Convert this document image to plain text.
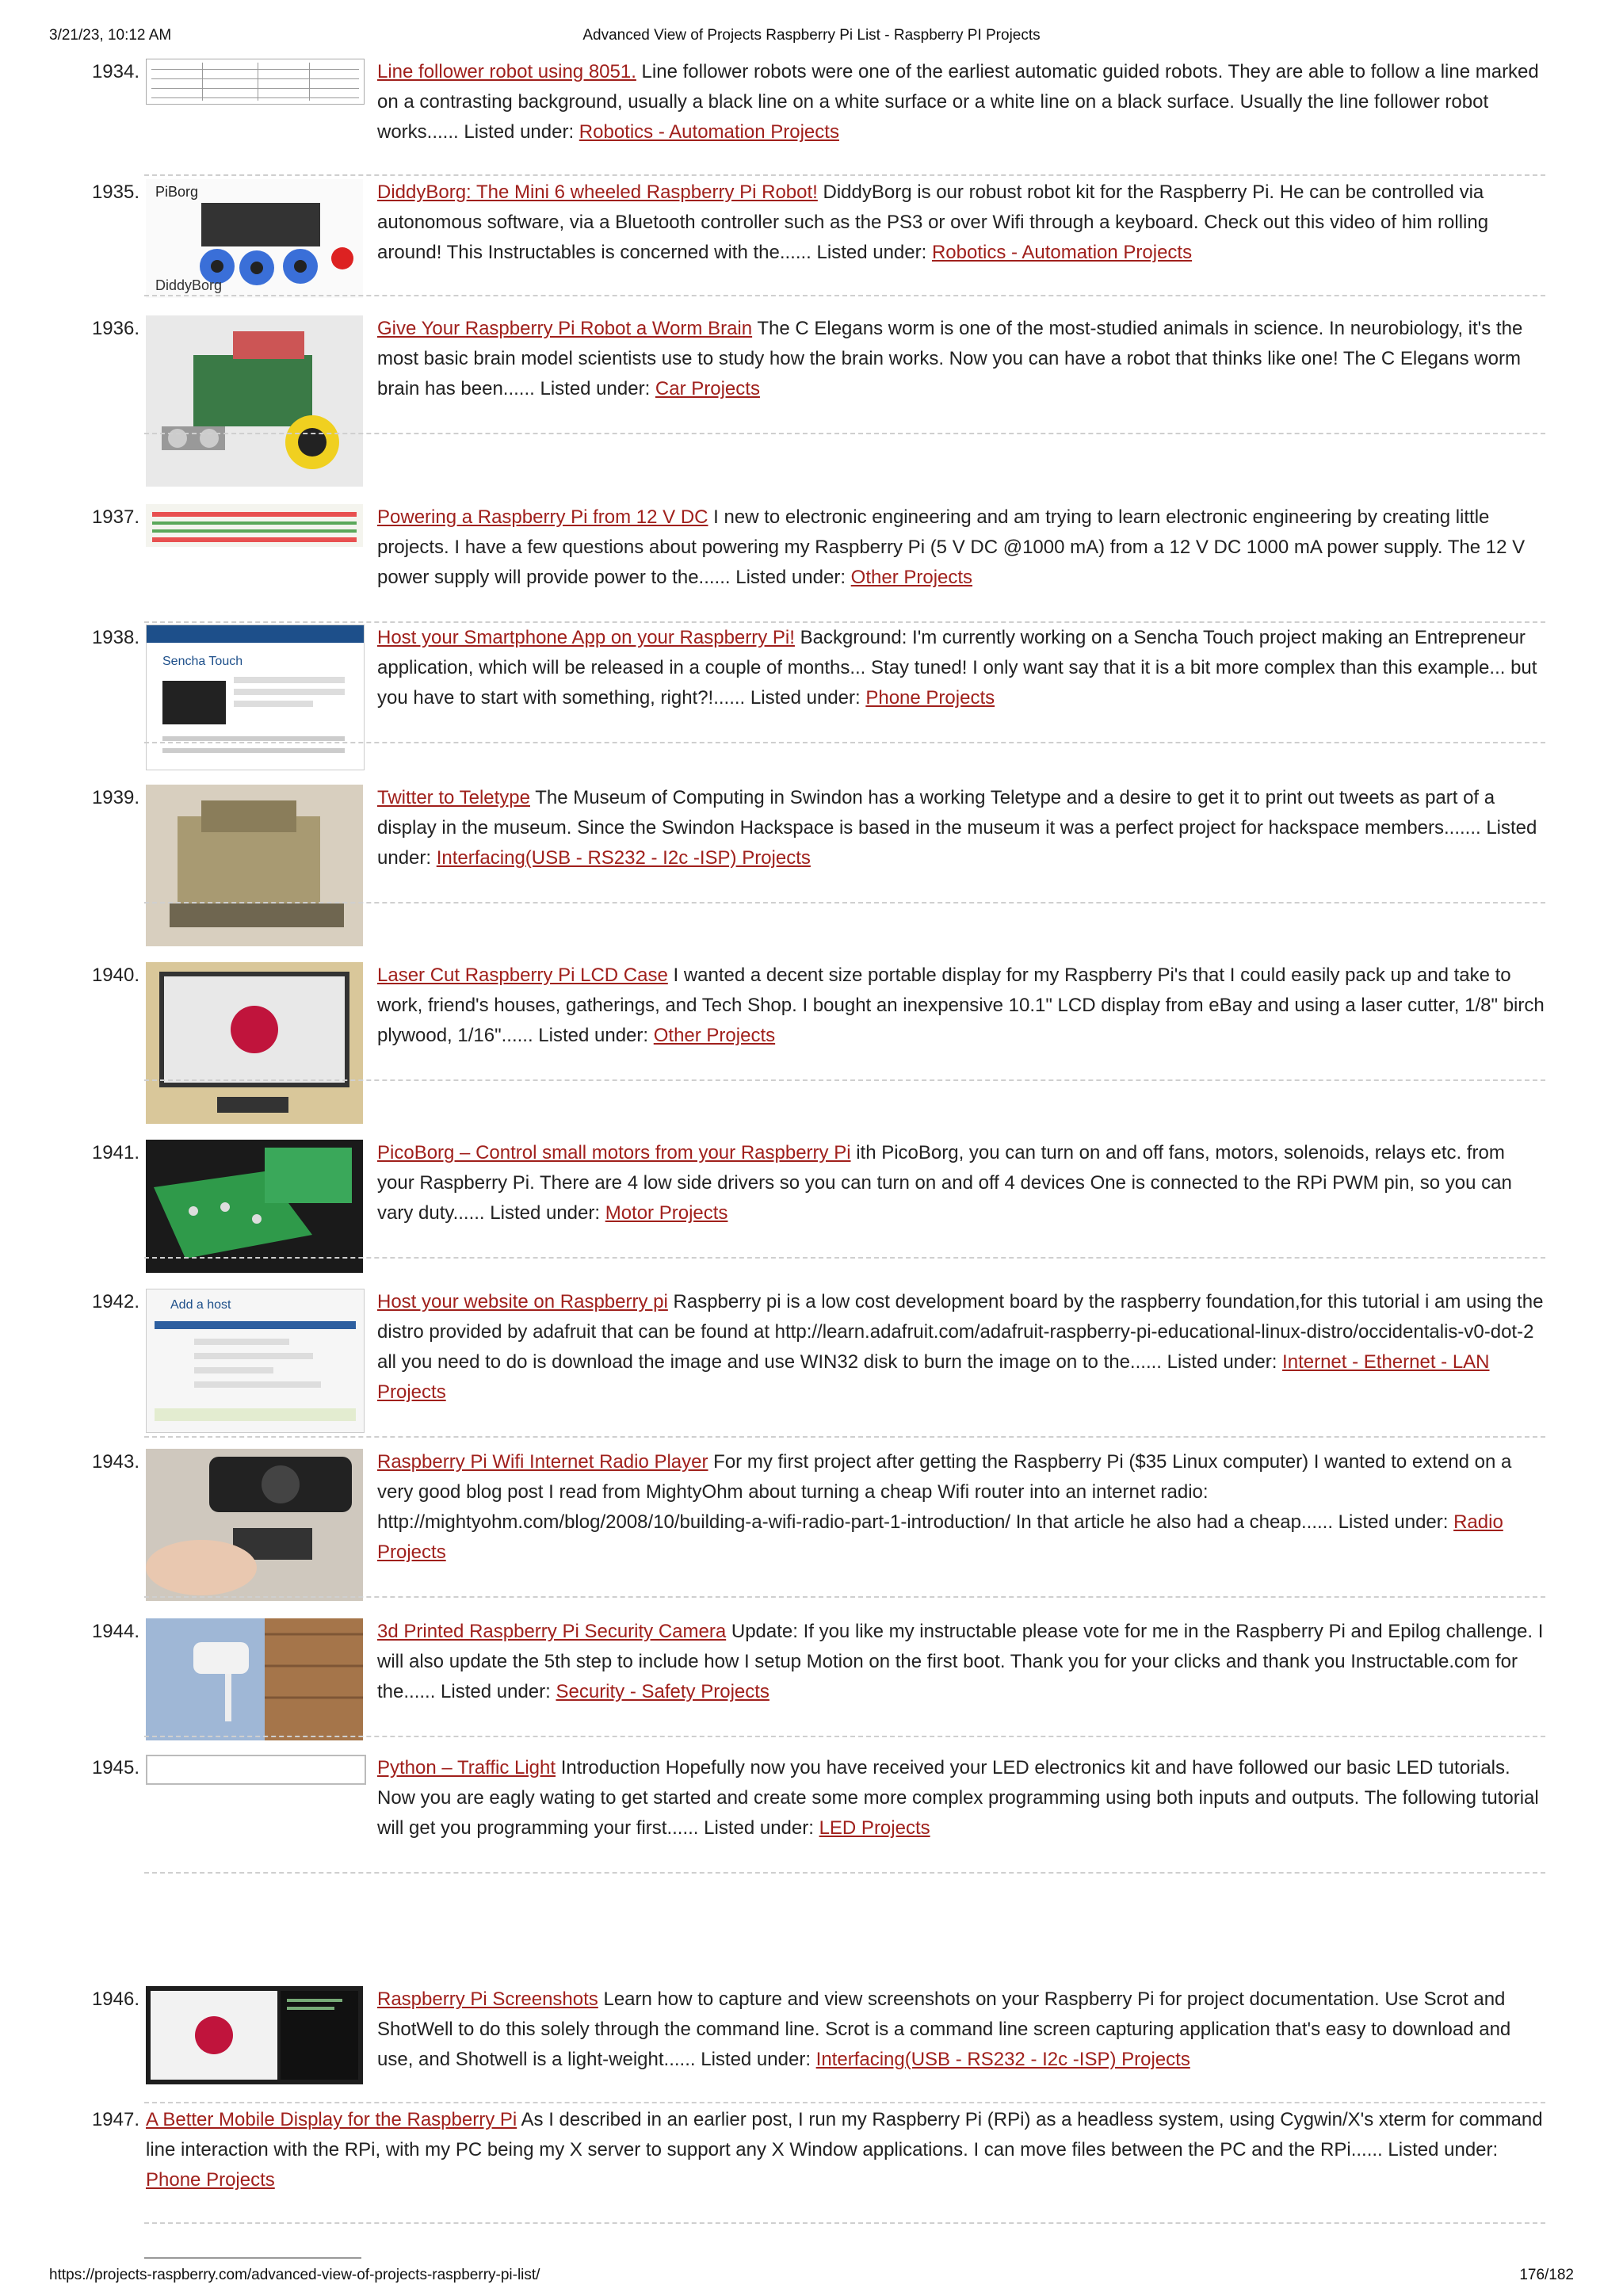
3/21/23, 10:12 AM	Advanced View of Projects Raspberry Pi List - Raspberry PI Projects
1934.	Line follower robot using 8051. Line follower robots were one of the earliest automatic guided robots. They are able to follow a line marked on a contrasting background, usually a black line on a white surface or a white line on a black surface. Usually the line follower robot works...... Listed under: Robotics - Automation Projects
1935. PiBorg
DiddyBorg
DiddyBorg: The Mini 6 wheeled Raspberry Pi Robot! DiddyBorg is our robust robot kit for the Raspberry Pi. He can be controlled via autonomous software, via a Bluetooth controller such as the PS3 or over Wifi through a keyboard. Check out this video of him rolling around! This Instructables is concerned with the...... Listed under: Robotics - Automation Projects
1936.	Give Your Raspberry Pi Robot a Worm Brain The C Elegans worm is one of the most-studied animals in science. In neurobiology, it's the most basic brain model scientists use to study how the brain works. Now you can have a robot that thinks like one! The C Elegans worm brain has been...... Listed under: Car Projects
1937.	Powering a Raspberry Pi from 12 V DC I new to electronic engineering and am trying to learn electronic engineering by creating little projects. I have a few questions about powering my Raspberry Pi (5 V DC @1000 mA) from a 12 V DC 1000 mA power supply. The 12 V power supply will provide power to the...... Listed under: Other Projects
1938.
Sencha Touch
Host your Smartphone App on your Raspberry Pi! Background: I'm currently working on a Sencha Touch project making an Entrepreneur application, which will be released in a couple of months... Stay tuned! I only want say that it is a bit more complex than this example... but you have to start with something, right?!...... Listed under: Phone Projects
1939.	Twitter to Teletype The Museum of Computing in Swindon has a working Teletype and a desire to get it to print out tweets as part of a display in the museum. Since the Swindon Hackspace is based in the museum it was a perfect project for hackspace members....... Listed under: Interfacing(USB - RS232 - I2c -ISP) Projects
1940.	Laser Cut Raspberry Pi LCD Case I wanted a decent size portable display for my Raspberry Pi's that I could easily pack up and take to work, friend's houses, gatherings, and Tech Shop. I bought an inexpensive 10.1" LCD display from eBay and using a laser cutter, 1/8" birch plywood, 1/16"...... Listed under: Other Projects
1941.	PicoBorg – Control small motors from your Raspberry Pi ith PicoBorg, you can turn on and off fans, motors, solenoids, relays etc. from your Raspberry Pi. There are 4 low side drivers so you can turn on and off 4 devices One is connected to the RPi PWM pin, so you can vary duty...... Listed under: Motor Projects
1942. Add a host	Host your website on Raspberry pi Raspberry pi is a low cost development board by the raspberry foundation,for this tutorial i am using the distro provided by adafruit that can be found at http://learn.adafruit.com/adafruit-raspberry-pi-educational-linux-distro/occidentalis-v0-dot-2 all you need to do is download the image and use WIN32 disk to burn the image on to the...... Listed under: Internet - Ethernet - LAN Projects
1943.	Raspberry Pi Wifi Internet Radio Player For my first project after getting the Raspberry Pi ($35 Linux computer) I wanted to extend on a very good blog post I read from MightyOhm about turning a cheap Wifi router into an internet radio: http://mightyohm.com/blog/2008/10/building-a-wifi-radio-part-1-introduction/ In that article he also had a cheap...... Listed under: Radio Projects
1944.	3d Printed Raspberry Pi Security Camera Update: If you like my instructable please vote for me in the Raspberry Pi and Epilog challenge. I will also update the 5th step to include how I setup Motion on the first boot. Thank you for your clicks and thank you Instructable.com for the...... Listed under: Security - Safety Projects
1945.	Python – Traffic Light Introduction Hopefully now you have received your LED electronics kit and have followed our basic LED tutorials. Now you are eagly wating to get started and create some more complex programming using both inputs and outputs. The following tutorial will get you programming your first...... Listed under: LED Projects
1946.	Raspberry Pi Screenshots Learn how to capture and view screenshots on your Raspberry Pi for project documentation. Use Scrot and ShotWell to do this solely through the command line. Scrot is a command line screen capturing application that's easy to download and use, and Shotwell is a light-weight...... Listed under: Interfacing(USB - RS232 - I2c -ISP) Projects
1947. A Better Mobile Display for the Raspberry Pi As I described in an earlier post, I run my Raspberry Pi (RPi) as a headless system, using Cygwin/X's xterm for command line interaction with the RPi, with my PC being my X server to support any X Window applications. I can move files between the PC and the RPi...... Listed under: Phone Projects
https://projects-raspberry.com/advanced-view-of-projects-raspberry-pi-list/	176/182
